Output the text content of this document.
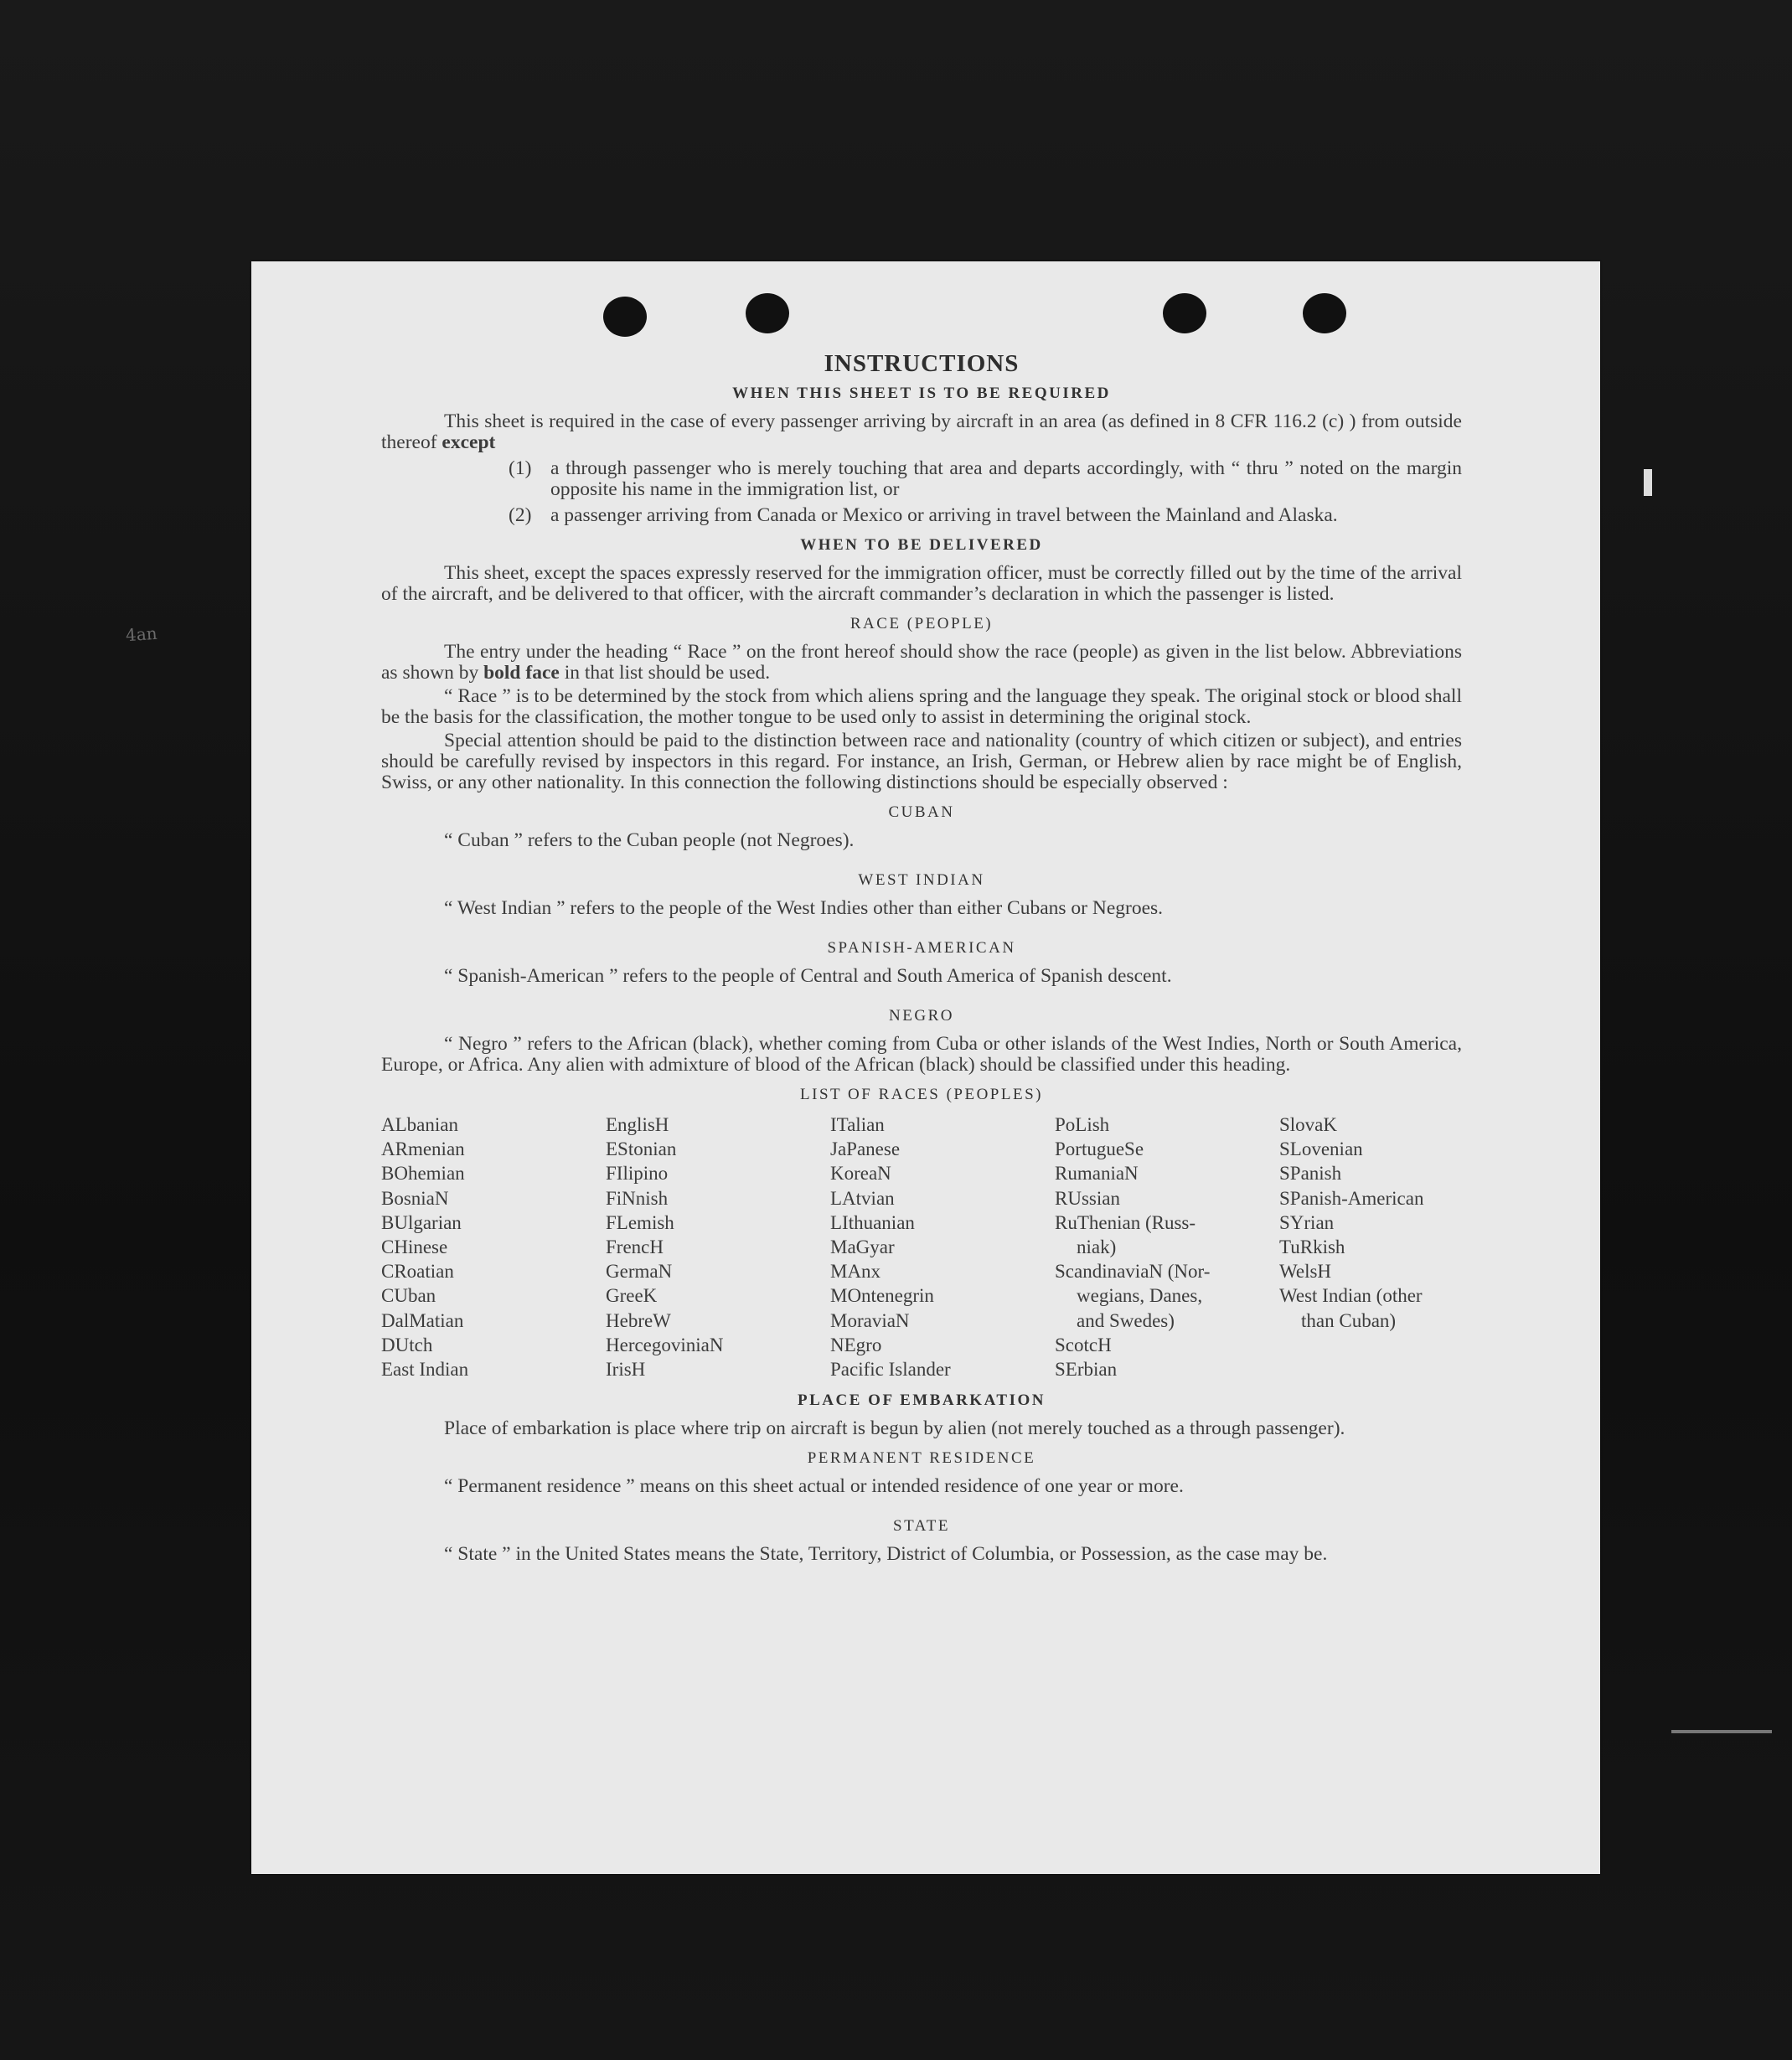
4an
INSTRUCTIONS
WHEN THIS SHEET IS TO BE REQUIRED

This sheet is required in the case of every passenger arriving by aircraft in an area (as defined in 8 CFR 116.2 (c) ) from outside thereof except

(1) a through passenger who is merely touching that area and departs accordingly, with “ thru ” noted on the margin opposite his name in the immigration list, or
(2) a passenger arriving from Canada or Mexico or arriving in travel between the Mainland and Alaska.
WHEN TO BE DELIVERED

This sheet, except the spaces expressly reserved for the immigration officer, must be correctly filled out by the time of the arrival of the aircraft, and be delivered to that officer, with the aircraft commander’s declaration in which the passenger is listed.

RACE (PEOPLE)

The entry under the heading “ Race ” on the front hereof should show the race (people) as given in the list below. Abbreviations as shown by bold face in that list should be used.

“ Race ” is to be determined by the stock from which aliens spring and the language they speak. The original stock or blood shall be the basis for the classification, the mother tongue to be used only to assist in determining the original stock.

Special attention should be paid to the distinction between race and nationality (country of which citizen or subject), and entries should be carefully revised by inspectors in this regard. For instance, an Irish, German, or Hebrew alien by race might be of English, Swiss, or any other nationality. In this connection the following distinctions should be especially observed :

CUBAN

“ Cuban ” refers to the Cuban people (not Negroes).

WEST INDIAN

“ West Indian ” refers to the people of the West Indies other than either Cubans or Negroes.

SPANISH-AMERICAN

“ Spanish-American ” refers to the people of Central and South America of Spanish descent.

NEGRO

“ Negro ” refers to the African (black), whether coming from Cuba or other islands of the West Indies, North or South America, Europe, or Africa. Any alien with admixture of blood of the African (black) should be classified under this heading.

LIST OF RACES (PEOPLES)
ALbanian
ARmenian
BOhemian
BosniaN
BUlgarian
CHinese
CRoatian
CUban
DalMatian
DUtch
East Indian
EnglisH
EStonian
FIlipino
FiNnish
FLemish
FrencH
GermaN
GreeK
HebreW
HercegoviniaN
IrisH
ITalian
JaPanese
KoreaN
LAtvian
LIthuanian
MaGyar
MAnx
MOntenegrin
MoraviaN
NEgro
Pacific Islander
PoLish
PortugueSe
RumaniaN
RUssian
RuThenian (Russ-
niak)
ScandinaviaN (Nor-
wegians, Danes,
and Swedes)
ScotcH
SErbian
SlovaK
SLovenian
SPanish
SPanish-American
SYrian
TuRkish
WelsH
West Indian (other
than Cuban)
PLACE OF EMBARKATION

Place of embarkation is place where trip on aircraft is begun by alien (not merely touched as a through passenger).

PERMANENT RESIDENCE

“ Permanent residence ” means on this sheet actual or intended residence of one year or more.

STATE

“ State ” in the United States means the State, Territory, District of Columbia, or Possession, as the case may be.
